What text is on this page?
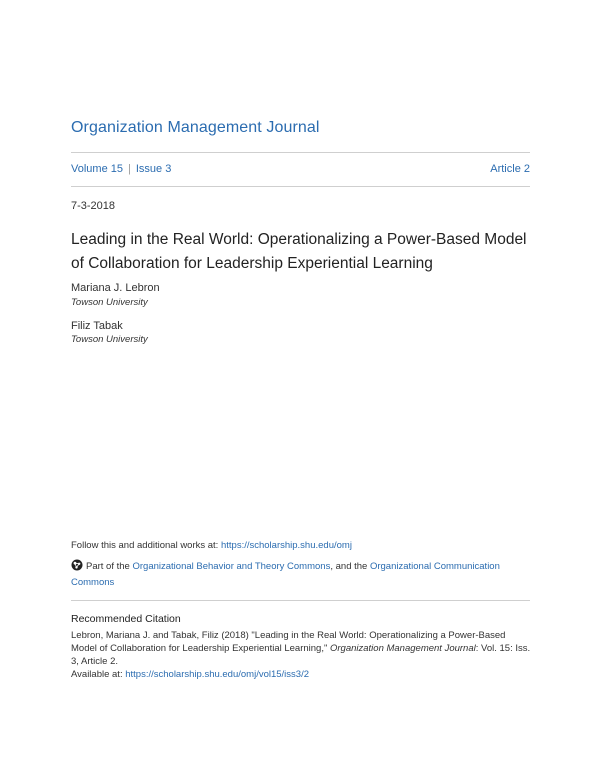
Organization Management Journal
Volume 15 | Issue 3	Article 2
7-3-2018
Leading in the Real World: Operationalizing a Power-Based Model of Collaboration for Leadership Experiential Learning
Mariana J. Lebron
Towson University
Filiz Tabak
Towson University
Follow this and additional works at: https://scholarship.shu.edu/omj
Part of the Organizational Behavior and Theory Commons, and the Organizational Communication Commons
Recommended Citation
Lebron, Mariana J. and Tabak, Filiz (2018) "Leading in the Real World: Operationalizing a Power-Based Model of Collaboration for Leadership Experiential Learning," Organization Management Journal: Vol. 15: Iss. 3, Article 2.
Available at: https://scholarship.shu.edu/omj/vol15/iss3/2
